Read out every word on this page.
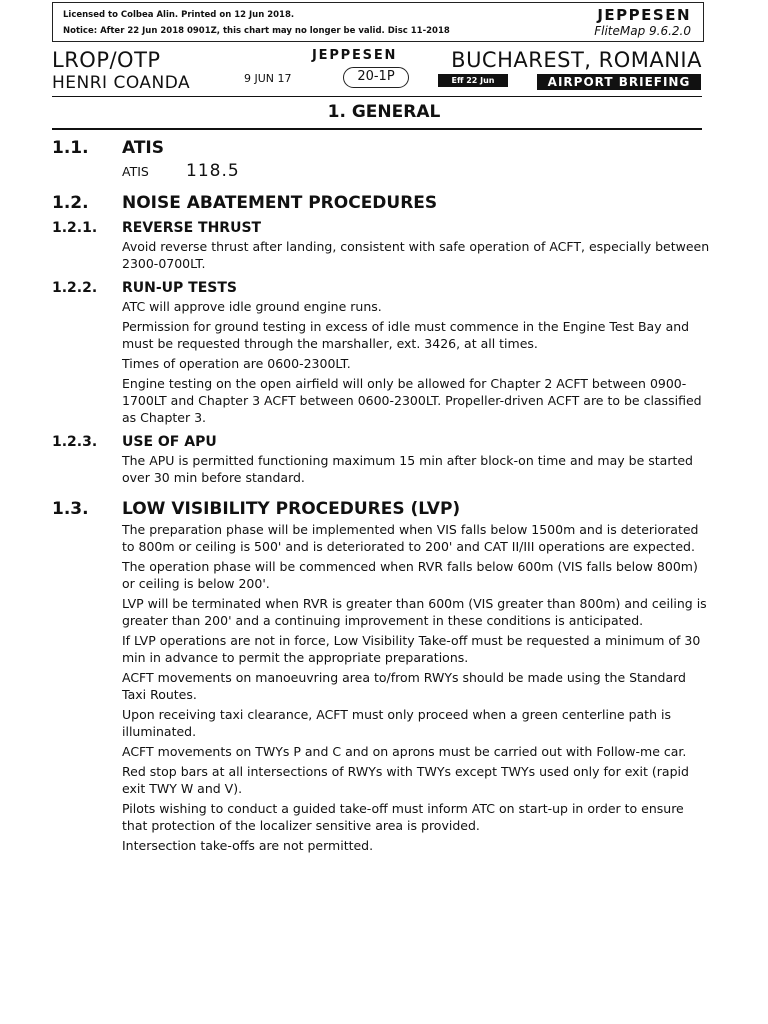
Licensed to Colbea Alin. Printed on 12 Jun 2018.
Notice: After 22 Jun 2018 0901Z, this chart may no longer be valid. Disc 11-2018
JEPPESEN
FliteMap 9.6.2.0
LROP/OTP
HENRI COANDA	9 JUN 17
JEPPESEN
20-1P	Eff 22 Jun
BUCHAREST, ROMANIA
AIRPORT BRIEFING
1. GENERAL
1.1.	ATIS
ATIS	118.5
1.2.	NOISE ABATEMENT PROCEDURES
1.2.1.	REVERSE THRUST

Avoid reverse thrust after landing, consistent with safe operation of ACFT, especially between 2300-0700LT.

1.2.2.	RUN-UP TESTS

ATC will approve idle ground engine runs.

Permission for ground testing in excess of idle must commence in the Engine Test Bay and must be requested through the marshaller, ext. 3426, at all times.

Times of operation are 0600-2300LT.

Engine testing on the open airfield will only be allowed for Chapter 2 ACFT between 0900-1700LT and Chapter 3 ACFT between 0600-2300LT. Propeller-driven ACFT are to be classified as Chapter 3.

1.2.3.	USE OF APU

The APU is permitted functioning maximum 15 min after block-on time and may be started over 30 min before standard.

1.3.	LOW VISIBILITY PROCEDURES (LVP)

The preparation phase will be implemented when VIS falls below 1500m and is deteriorated to 800m or ceiling is 500' and is deteriorated to 200' and CAT II/III operations are expected.

The operation phase will be commenced when RVR falls below 600m (VIS falls below 800m) or ceiling is below 200'.

LVP will be terminated when RVR is greater than 600m (VIS greater than 800m) and ceiling is greater than 200' and a continuing improvement in these conditions is anticipated.

If LVP operations are not in force, Low Visibility Take-off must be requested a minimum of 30 min in advance to permit the appropriate preparations.

ACFT movements on manoeuvring area to/from RWYs should be made using the Standard Taxi Routes.

Upon receiving taxi clearance, ACFT must only proceed when a green centerline path is illuminated.

ACFT movements on TWYs P and C and on aprons must be carried out with Follow-me car.

Red stop bars at all intersections of RWYs with TWYs except TWYs used only for exit (rapid exit TWY W and V).

Pilots wishing to conduct a guided take-off must inform ATC on start-up in order to ensure that protection of the localizer sensitive area is provided.

Intersection take-offs are not permitted.
